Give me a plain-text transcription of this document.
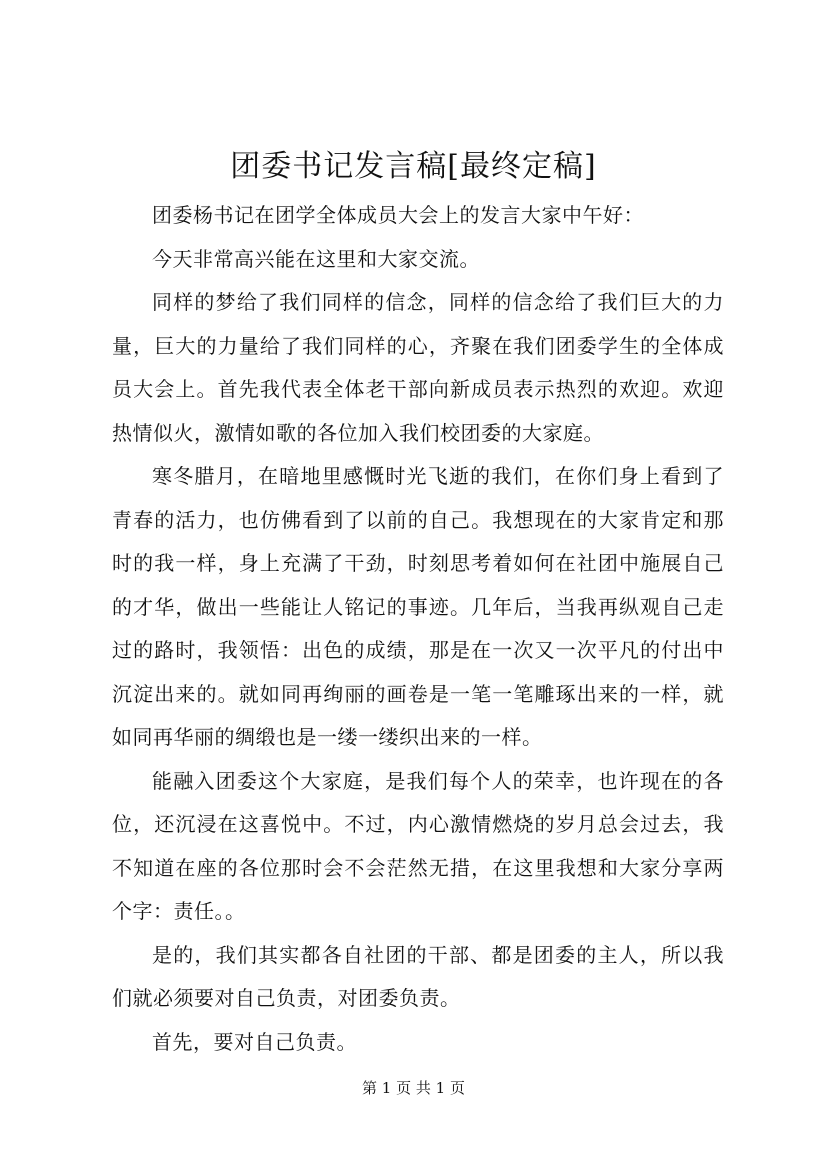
团委书记发言稿[最终定稿]

团委杨书记在团学全体成员大会上的发言大家中午好：

今天非常高兴能在这里和大家交流。

同样的梦给了我们同样的信念，同样的信念给了我们巨大的力量，巨大的力量给了我们同样的心，齐聚在我们团委学生的全体成员大会上。首先我代表全体老干部向新成员表示热烈的欢迎。欢迎热情似火，激情如歌的各位加入我们校团委的大家庭。

寒冬腊月，在暗地里感慨时光飞逝的我们，在你们身上看到了青春的活力，也仿佛看到了以前的自己。我想现在的大家肯定和那时的我一样，身上充满了干劲，时刻思考着如何在社团中施展自己的才华，做出一些能让人铭记的事迹。几年后，当我再纵观自己走过的路时，我领悟：出色的成绩，那是在一次又一次平凡的付出中沉淀出来的。就如同再绚丽的画卷是一笔一笔雕琢出来的一样，就如同再华丽的绸缎也是一缕一缕织出来的一样。

能融入团委这个大家庭，是我们每个人的荣幸，也许现在的各位，还沉浸在这喜悦中。不过，内心激情燃烧的岁月总会过去，我不知道在座的各位那时会不会茫然无措，在这里我想和大家分享两个字：责任。。

是的，我们其实都各自社团的干部、都是团委的主人，所以我们就必须要对自己负责，对团委负责。

首先，要对自己负责。

第 1 页 共 1 页
